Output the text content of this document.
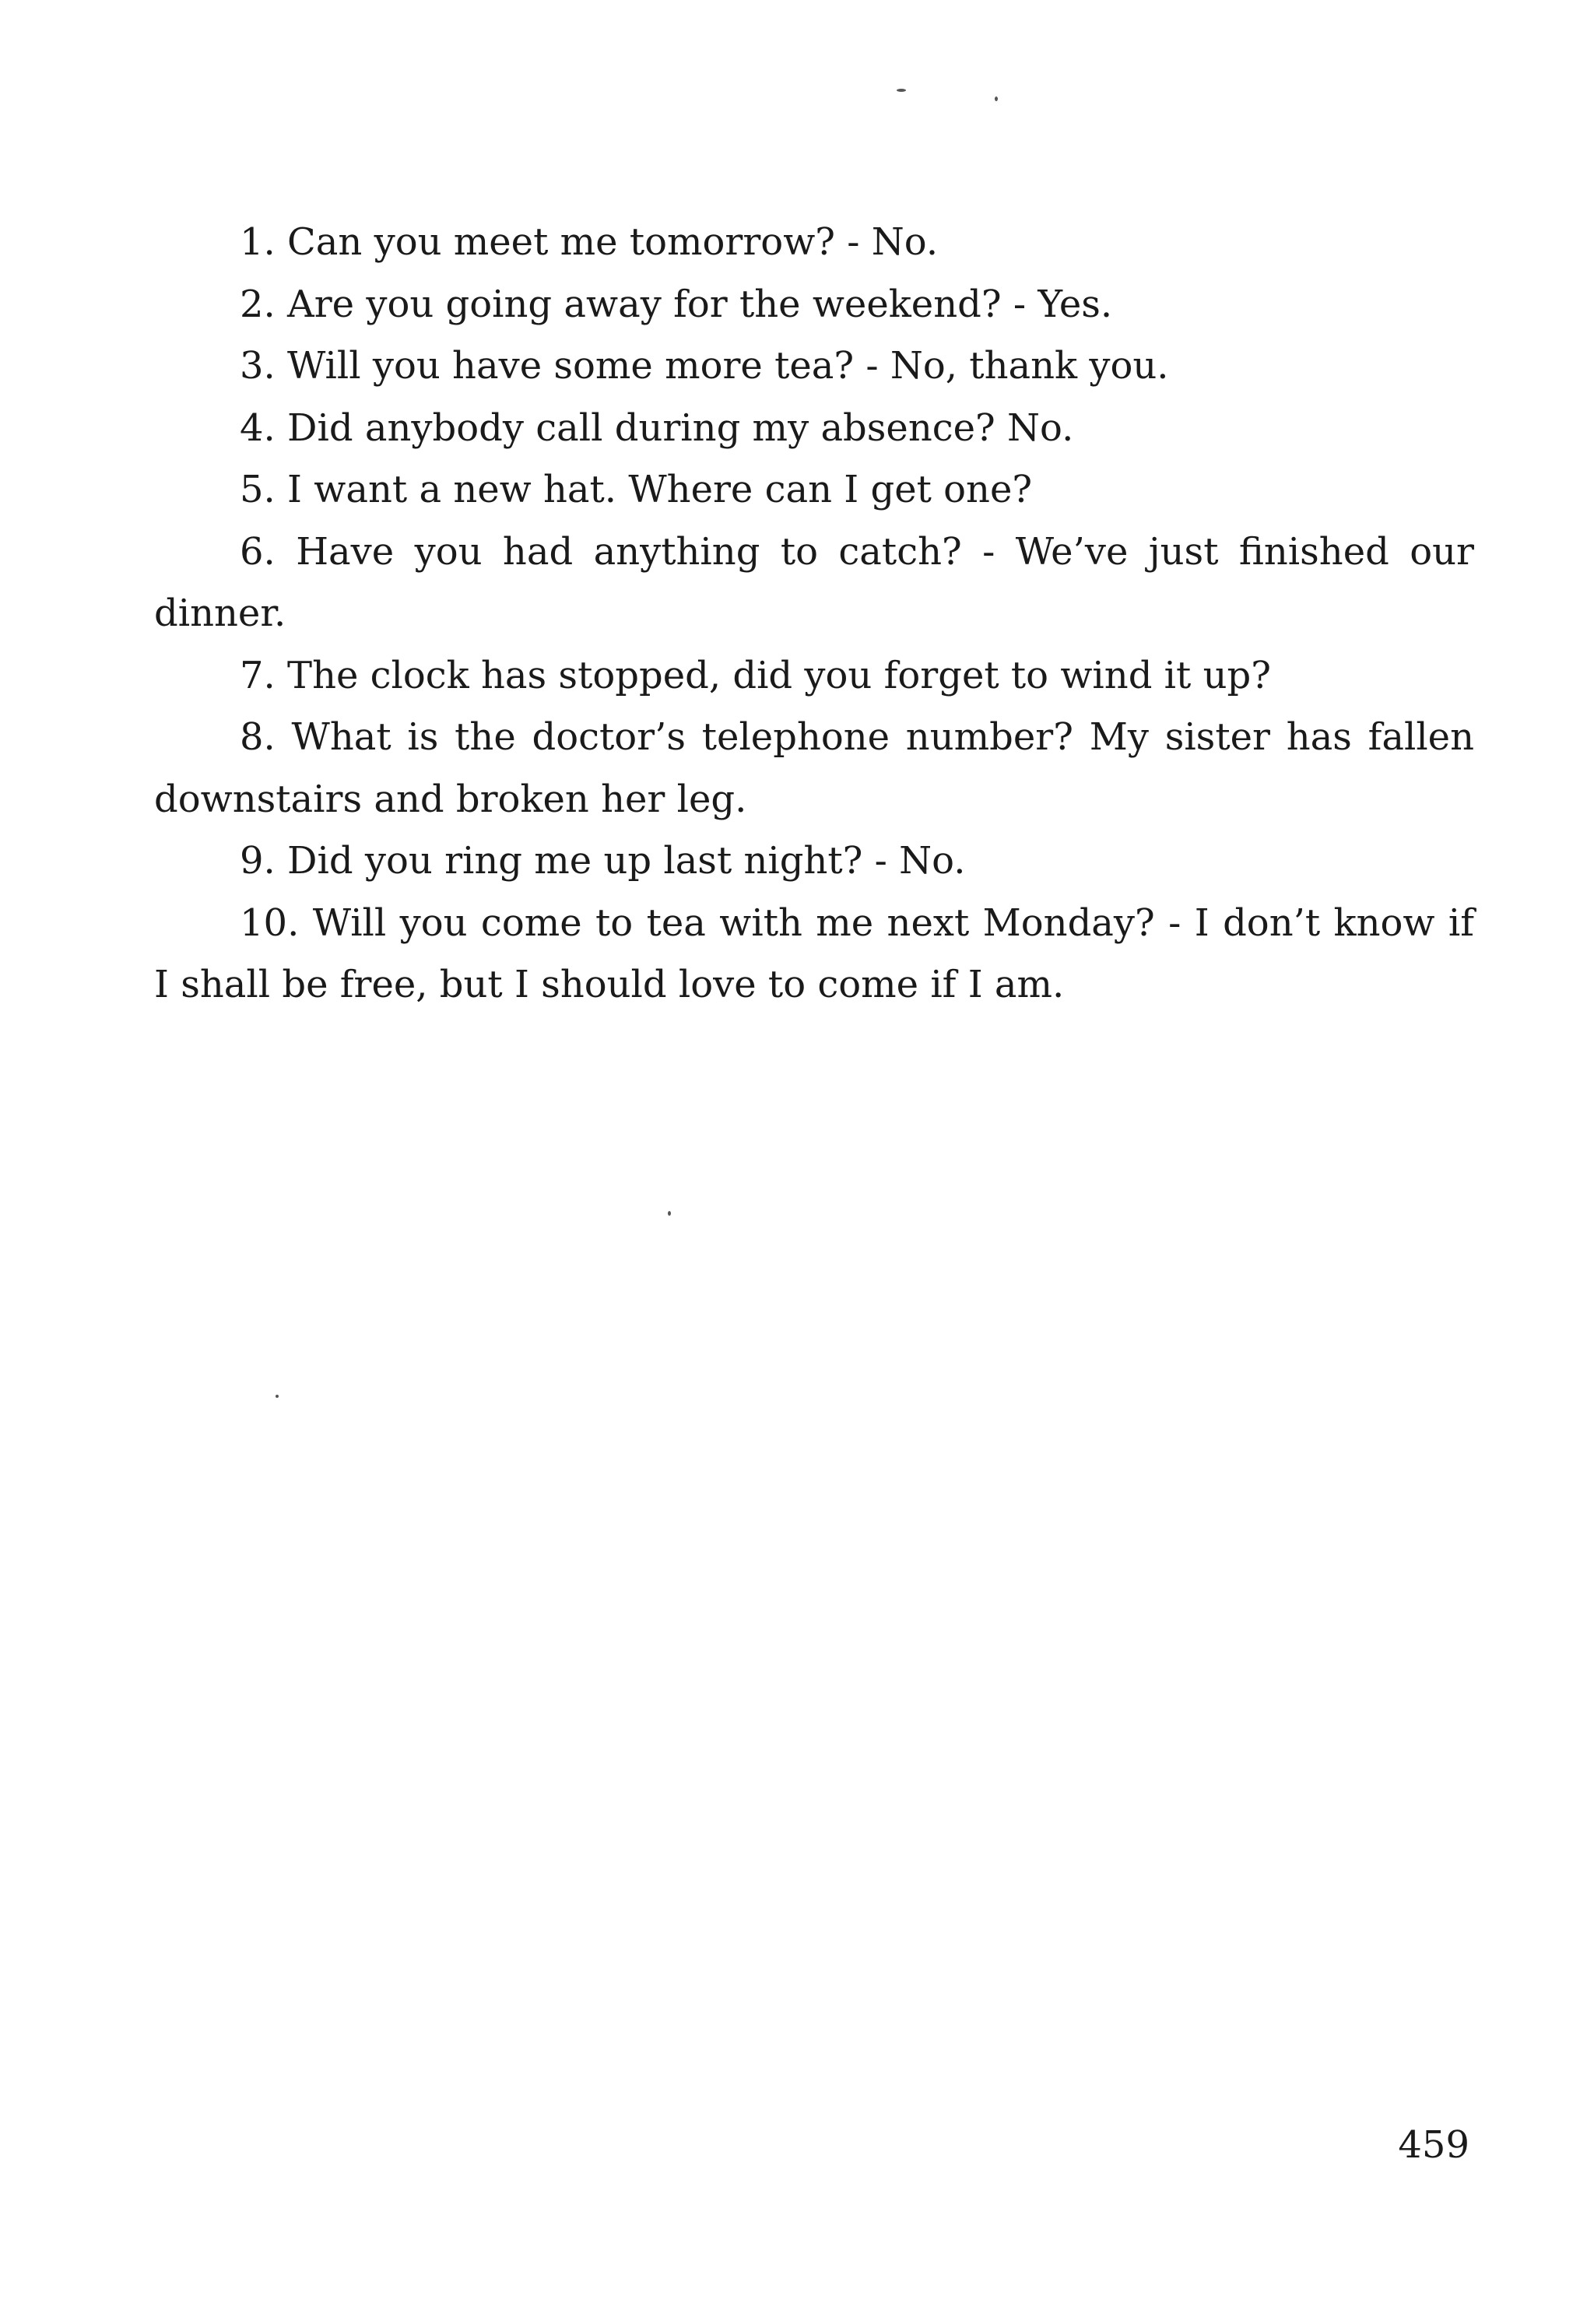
1. Can you meet me tomorrow? - No.
2. Are you going away for the weekend? - Yes.
3. Will you have some more tea? - No, thank you.
4. Did anybody call during my absence? No.
5. I want a new hat. Where can I get one?
6. Have you had anything to catch? - We’ve just finished our dinner.
7. The clock has stopped, did you forget to wind it up?
8. What is the doctor’s telephone number? My sister has fallen downstairs and broken her leg.
9. Did you ring me up last night? - No.
10. Will you come to tea with me next Monday? - I don’t know if I shall be free, but I should love to come if I am.
459
